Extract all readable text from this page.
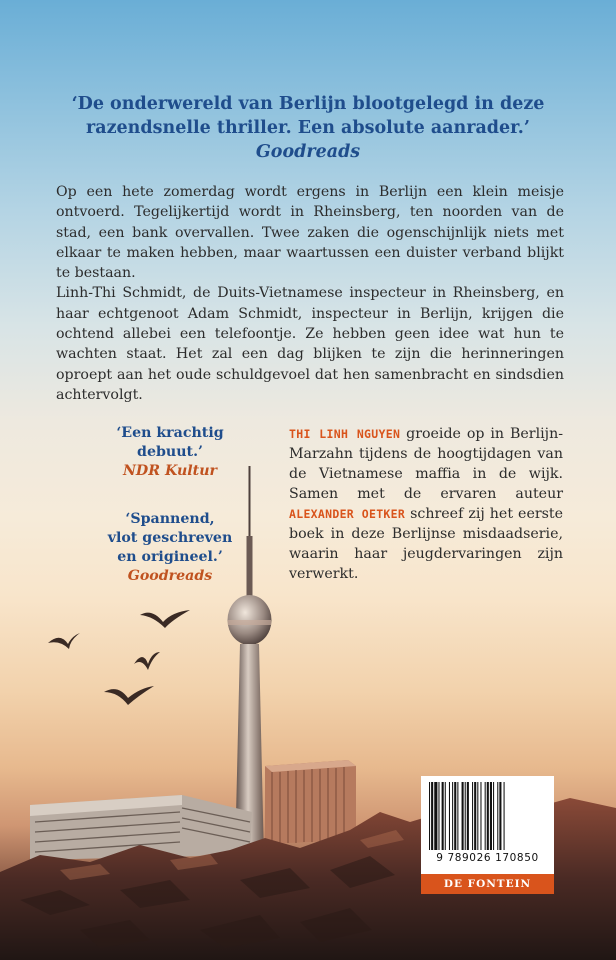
‘De onderwereld van Berlijn blootgelegd in deze
razendsnelle thriller. Een absolute aanrader.’
Goodreads

Op een hete zomerdag wordt ergens in Berlijn een klein meisje ontvoerd. Tegelijkertijd wordt in Rheinsberg, ten noorden van de stad, een bank overvallen. Twee zaken die ogenschijnlijk niets met elkaar te maken hebben, maar waartussen een duister verband blijkt te bestaan.

Linh-Thi Schmidt, de Duits-Vietnamese inspecteur in Rheinsberg, en haar echtgenoot Adam Schmidt, inspecteur in Berlijn, krijgen die ochtend allebei een telefoontje. Ze hebben geen idee wat hun te wachten staat. Het zal een dag blijken te zijn die herinneringen oproept aan het oude schuldgevoel dat hen samenbracht en sindsdien achtervolgt.

‘Een krachtig
debuut.’
NDR Kultur
‘Spannend,
vlot geschreven
en origineel.’
Goodreads
THI LINH NGUYEN groeide op in Berlijn-Marzahn tijdens de hoogtijdagen van de Vietnamese maffia in de wijk. Samen met de ervaren auteur ALEXANDER OETKER schreef zij het eerste boek in deze Berlijnse misdaadserie, waarin haar jeugdervaringen zijn verwerkt.
9 789026 170850
DE FONTEIN
